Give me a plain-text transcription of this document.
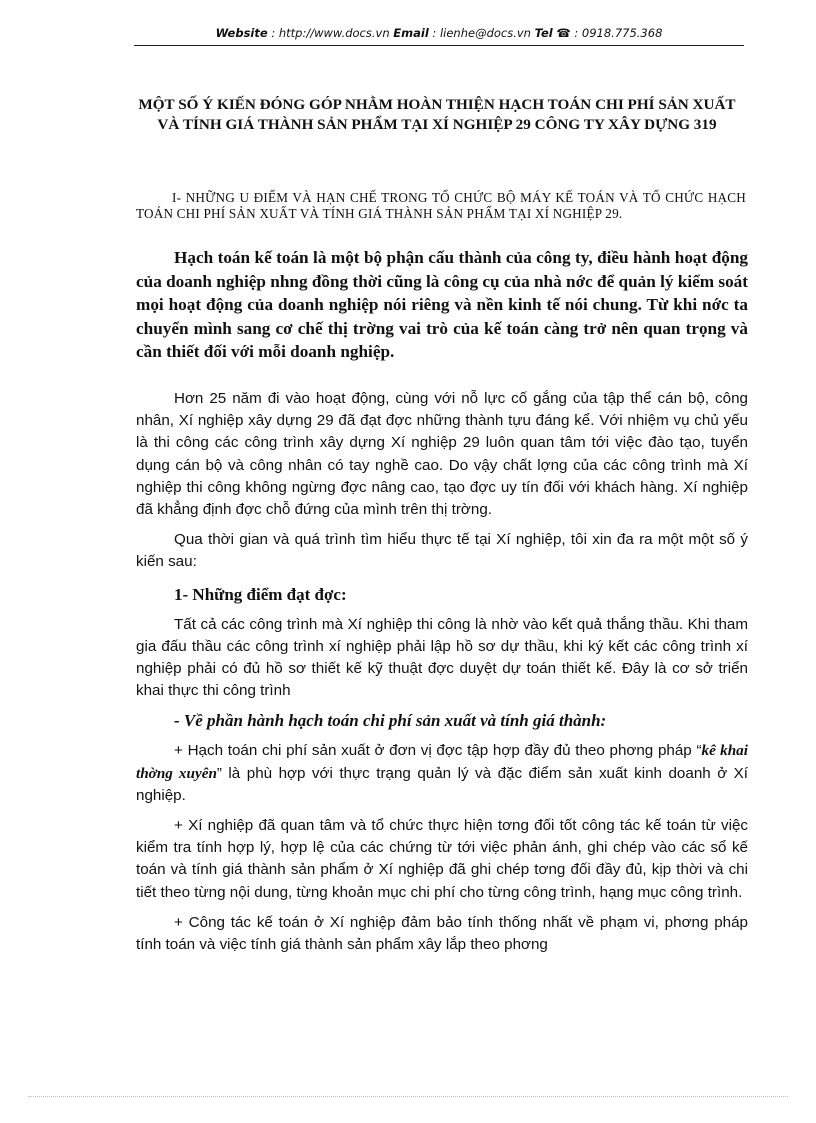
Website : http://www.docs.vn Email : lienhe@docs.vn Tel ☎ : 0918.775.368
MỘT SỐ Ý KIẾN ĐÓNG GÓP NHẰM HOÀN THIỆN HẠCH TOÁN CHI PHÍ SẢN XUẤT VÀ TÍNH GIÁ THÀNH SẢN PHẨM TẠI XÍ NGHIỆP 29 CÔNG TY XÂY DỰNG 319

I- NHỮNG U ĐIỂM VÀ HẠN CHẾ TRONG TỔ CHỨC BỘ MÁY KẾ TOÁN VÀ TỔ CHỨC HẠCH TOÁN CHI PHÍ SẢN XUẤT VÀ TÍNH GIÁ THÀNH SẢN PHẨM TẠI XÍ NGHIỆP 29.

Hạch toán kế toán là một bộ phận cấu thành của công ty, điều hành hoạt động của doanh nghiệp nhng đồng thời cũng là công cụ của nhà nớc để quản lý kiểm soát mọi hoạt động của doanh nghiệp nói riêng và nền kinh tế nói chung. Từ khi nớc ta chuyển mình sang cơ chế thị trờng vai trò của kế toán càng trở nên quan trọng và cần thiết đối với mỗi doanh nghiệp.

Hơn 25 năm đi vào hoạt động, cùng với nỗ lực cố gắng của tập thể cán bộ, công nhân, Xí nghiệp xây dựng 29 đã đạt đợc những thành tựu đáng kể. Với nhiệm vụ chủ yếu là thi công các công trình xây dựng Xí nghiệp 29 luôn quan tâm tới việc đào tạo, tuyển dụng cán bộ và công nhân có tay nghề cao. Do vậy chất lợng của các công trình mà Xí nghiệp thi công không ngừng đợc nâng cao, tạo đợc uy tín đối với khách hàng. Xí nghiệp đã khẳng định đợc chỗ đứng của mình trên thị trờng.

Qua thời gian và quá trình tìm hiểu thực tế tại Xí nghiệp, tôi xin đa ra một một số ý kiến sau:

1- Những điểm đạt đợc:

Tất cả các công trình mà Xí nghiệp thi công là nhờ vào kết quả thắng thầu. Khi tham gia đấu thầu các công trình xí nghiệp phải lập hồ sơ dự thầu, khi ký kết các công trình xí nghiệp phải có đủ hồ sơ thiết kế kỹ thuật đợc duyệt dự toán thiết kế. Đây là cơ sở triển khai thực thi công trình

- Về phần hành hạch toán chi phí sản xuất và tính giá thành:

+ Hạch toán chi phí sản xuất ở đơn vị đợc tập hợp đầy đủ theo phơng pháp “kê khai thờng xuyên” là phù hợp với thực trạng quản lý và đặc điểm sản xuất kinh doanh ở Xí nghiệp.

+ Xí nghiệp đã quan tâm và tổ chức thực hiện tơng đối tốt công tác kế toán từ việc kiểm tra tính hợp lý, hợp lệ của các chứng từ tới việc phản ánh, ghi chép vào các sổ kế toán và tính giá thành sản phẩm ở Xí nghiệp đã ghi chép tơng đối đầy đủ, kịp thời và chi tiết theo từng nội dung, từng khoản mục chi phí cho từng công trình, hạng mục công trình.

+ Công tác kế toán ở Xí nghiệp đảm bảo tính thống nhất về phạm vi, phơng pháp tính toán và việc tính giá thành sản phẩm xây lắp theo phơng
